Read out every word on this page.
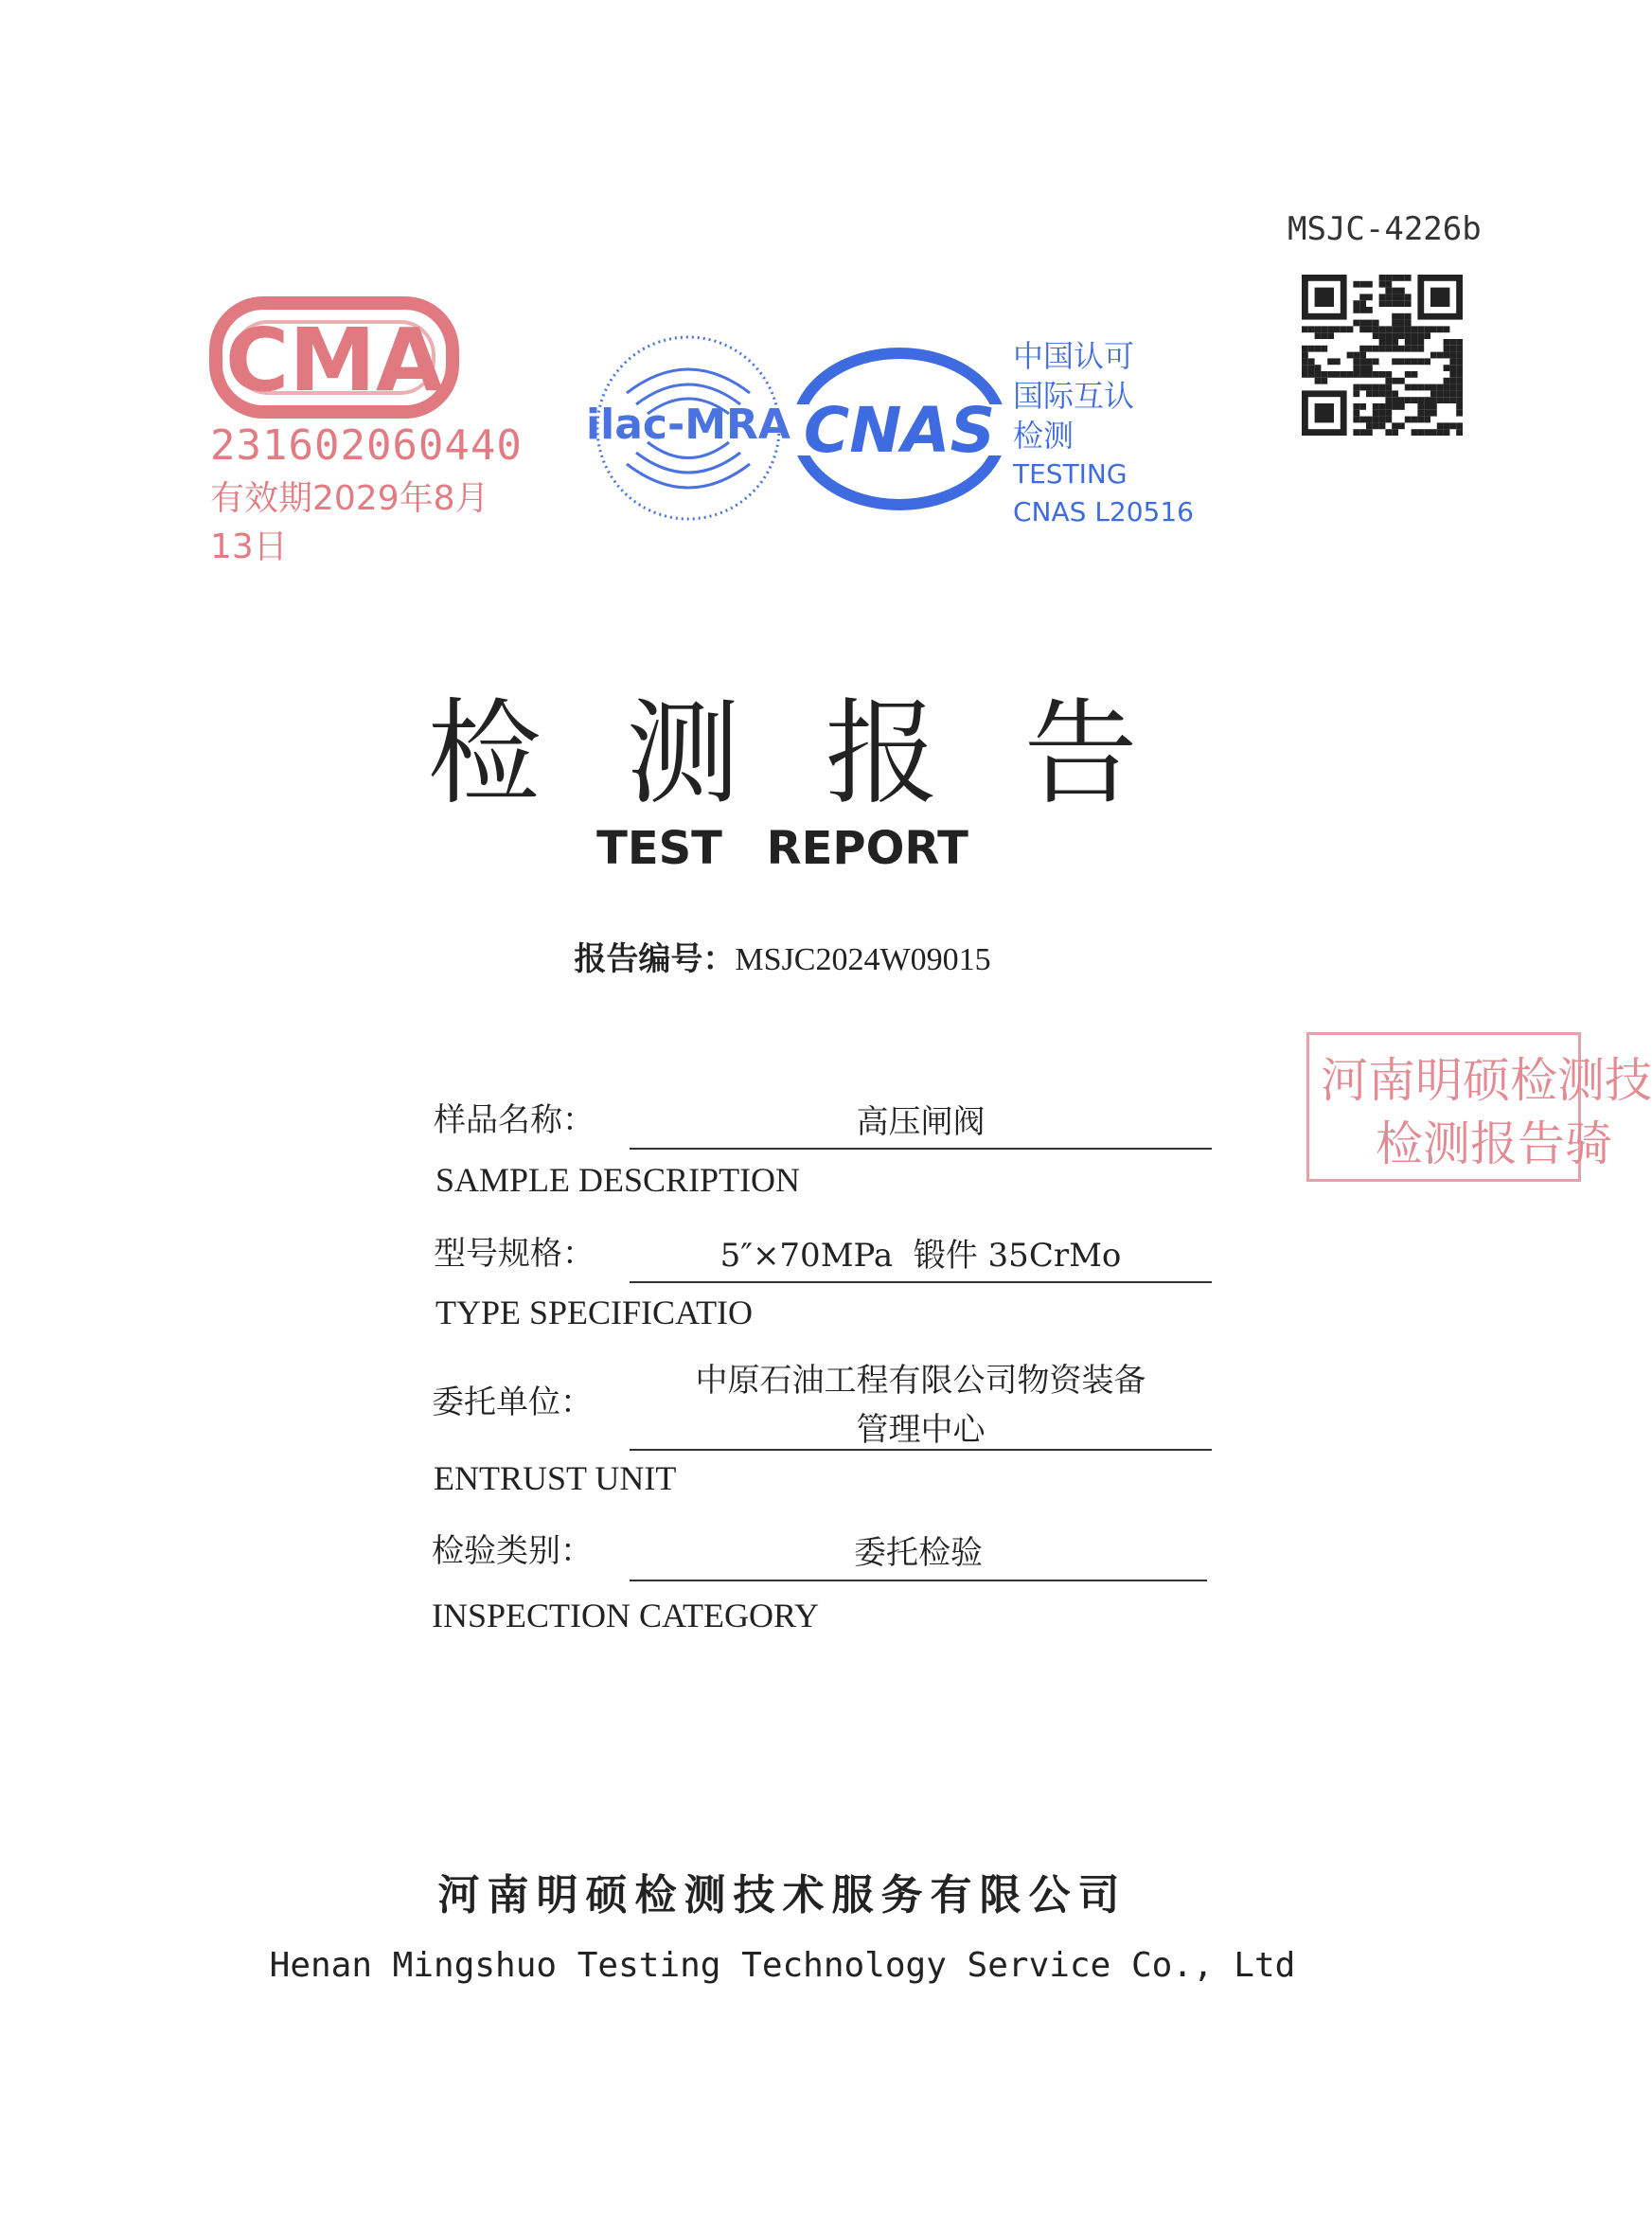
MSJC-4226b
CMA
231602060440
有效期2029年8月13日
ilac-MRA CNAS
中国认可
国际互认
检测
TESTING
CNAS L20516
检测报告
TEST REPORT
报告编号：MSJC2024W09015
河南明硕检测技
检测报告骑
样品名称：	高压闸阀
SAMPLE DESCRIPTION
型号规格：	5″×70MPa  锻件 35CrMo
TYPE SPECIFICATIO
委托单位：
中原石油工程有限公司物资装备
管理中心
ENTRUST UNIT
检验类别：	委托检验
INSPECTION CATEGORY
河南明硕检测技术服务有限公司
Henan Mingshuo Testing Technology Service Co., Ltd
